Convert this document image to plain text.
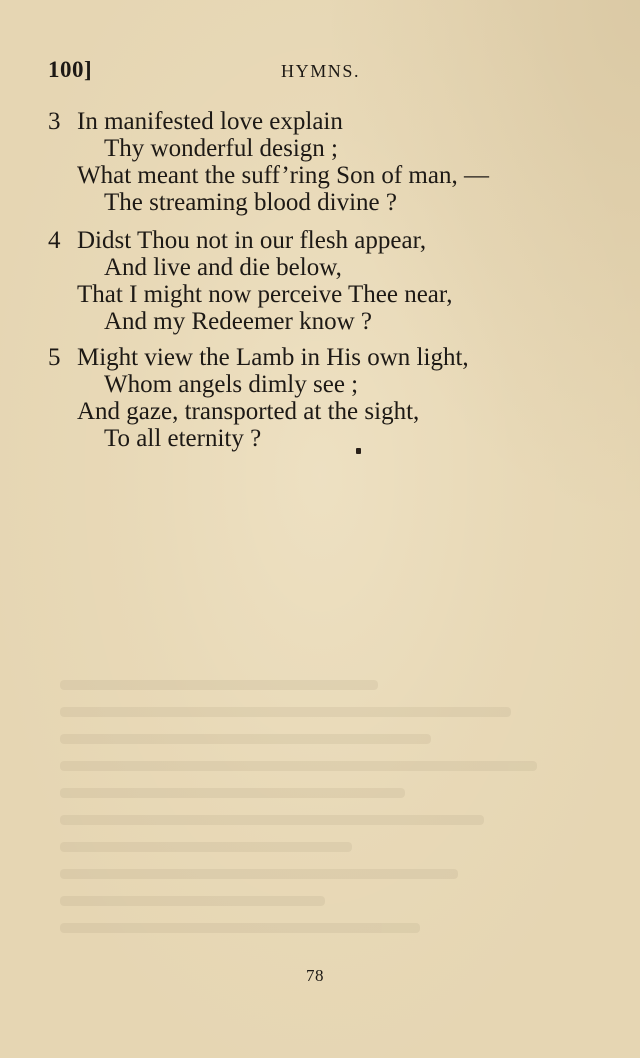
100]	HYMNS.
3 In manifested love explain
Thy wonderful design ;
What meant the suff’ring Son of man, —
The streaming blood divine ?
4 Didst Thou not in our flesh appear,
And live and die below,
That I might now perceive Thee near,
And my Redeemer know ?
5 Might view the Lamb in His own light,
Whom angels dimly see ;
And gaze, transported at the sight,
To all eternity ?
78
